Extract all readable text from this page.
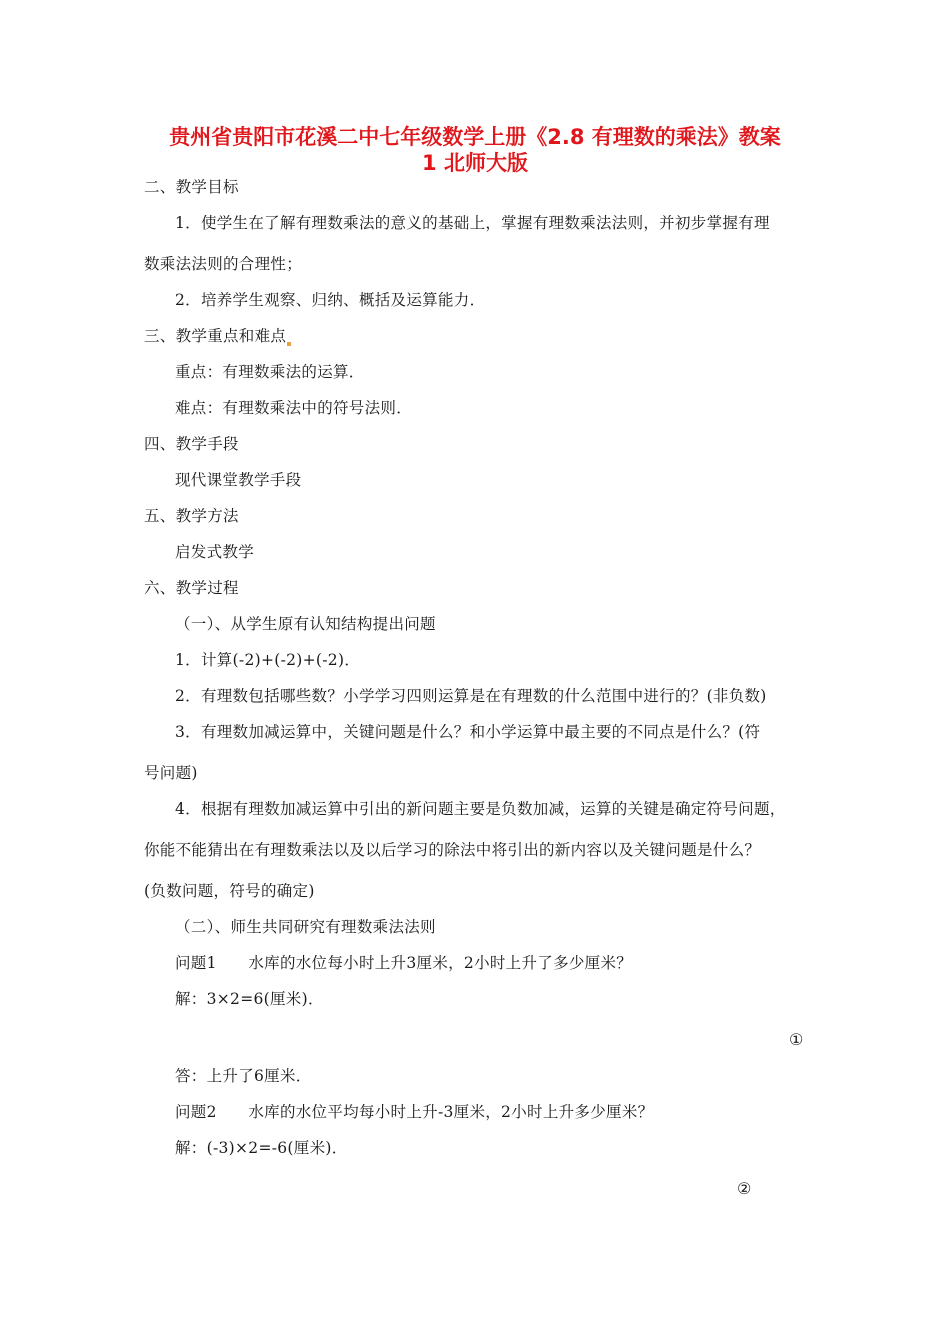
贵州省贵阳市花溪二中七年级数学上册《2.8 有理数的乘法》教案
1 北师大版
二、教学目标
1．使学生在了解有理数乘法的意义的基础上，掌握有理数乘法法则，并初步掌握有理
数乘法法则的合理性；
2．培养学生观察、归纳、概括及运算能力．
三、教学重点和难点
重点：有理数乘法的运算．
难点：有理数乘法中的符号法则．
四、教学手段
现代课堂教学手段
五、教学方法
启发式教学
六、教学过程
（一）、从学生原有认知结构提出问题
1．计算(-2)+(-2)+(-2)．
2．有理数包括哪些数？小学学习四则运算是在有理数的什么范围中进行的？(非负数)
3．有理数加减运算中，关键问题是什么？和小学运算中最主要的不同点是什么？(符
号问题)
4．根据有理数加减运算中引出的新问题主要是负数加减，运算的关键是确定符号问题，
你能不能猜出在有理数乘法以及以后学习的除法中将引出的新内容以及关键问题是什么？
(负数问题，符号的确定)
（二）、师生共同研究有理数乘法法则
问题1　　水库的水位每小时上升3厘米，2小时上升了多少厘米？
解：3×2=6(厘米)．
①
答：上升了6厘米．
问题2　　水库的水位平均每小时上升-3厘米，2小时上升多少厘米？
解：(-3)×2=-6(厘米)．
②
